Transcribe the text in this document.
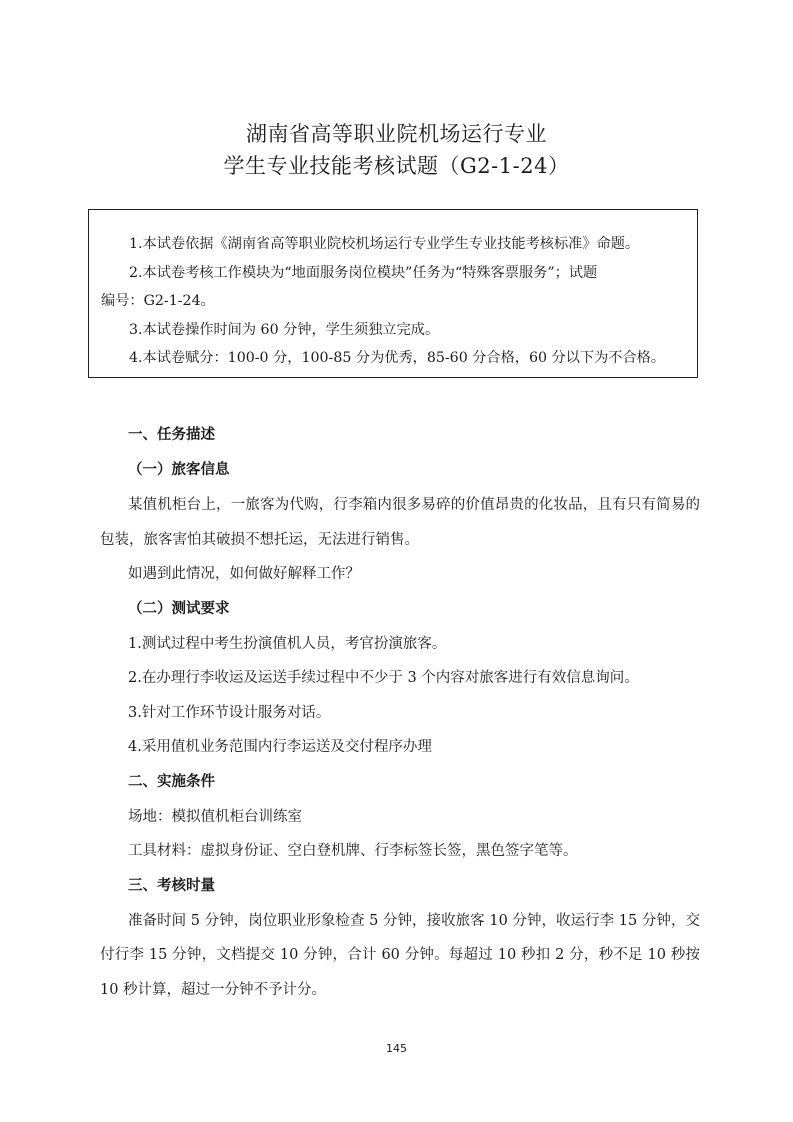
湖南省高等职业院机场运行专业
学生专业技能考核试题（G2-1-24）
1.本试卷依据《湖南省高等职业院校机场运行专业学生专业技能考核标准》命题。
2.本试卷考核工作模块为“地面服务岗位模块”任务为“特殊客票服务”；试题
编号：G2-1-24。
3.本试卷操作时间为 60 分钟，学生须独立完成。
4.本试卷赋分：100-0 分，100-85 分为优秀，85-60 分合格，60 分以下为不合格。
一、任务描述
（一）旅客信息
某值机柜台上，一旅客为代购，行李箱内很多易碎的价值昂贵的化妆品，且有只有简易的包装，旅客害怕其破损不想托运，无法进行销售。
如遇到此情况，如何做好解释工作？
（二）测试要求
1.测试过程中考生扮演值机人员，考官扮演旅客。
2.在办理行李收运及运送手续过程中不少于 3 个内容对旅客进行有效信息询问。
3.针对工作环节设计服务对话。
4.采用值机业务范围内行李运送及交付程序办理
二、实施条件
场地：模拟值机柜台训练室
工具材料：虚拟身份证、空白登机牌、行李标签长签，黑色签字笔等。
三、考核时量
准备时间 5 分钟，岗位职业形象检查 5 分钟，接收旅客 10 分钟，收运行李 15 分钟，交付行李 15 分钟，文档提交 10 分钟，合计 60 分钟。每超过 10 秒扣 2 分，秒不足 10 秒按 10 秒计算，超过一分钟不予计分。
145
